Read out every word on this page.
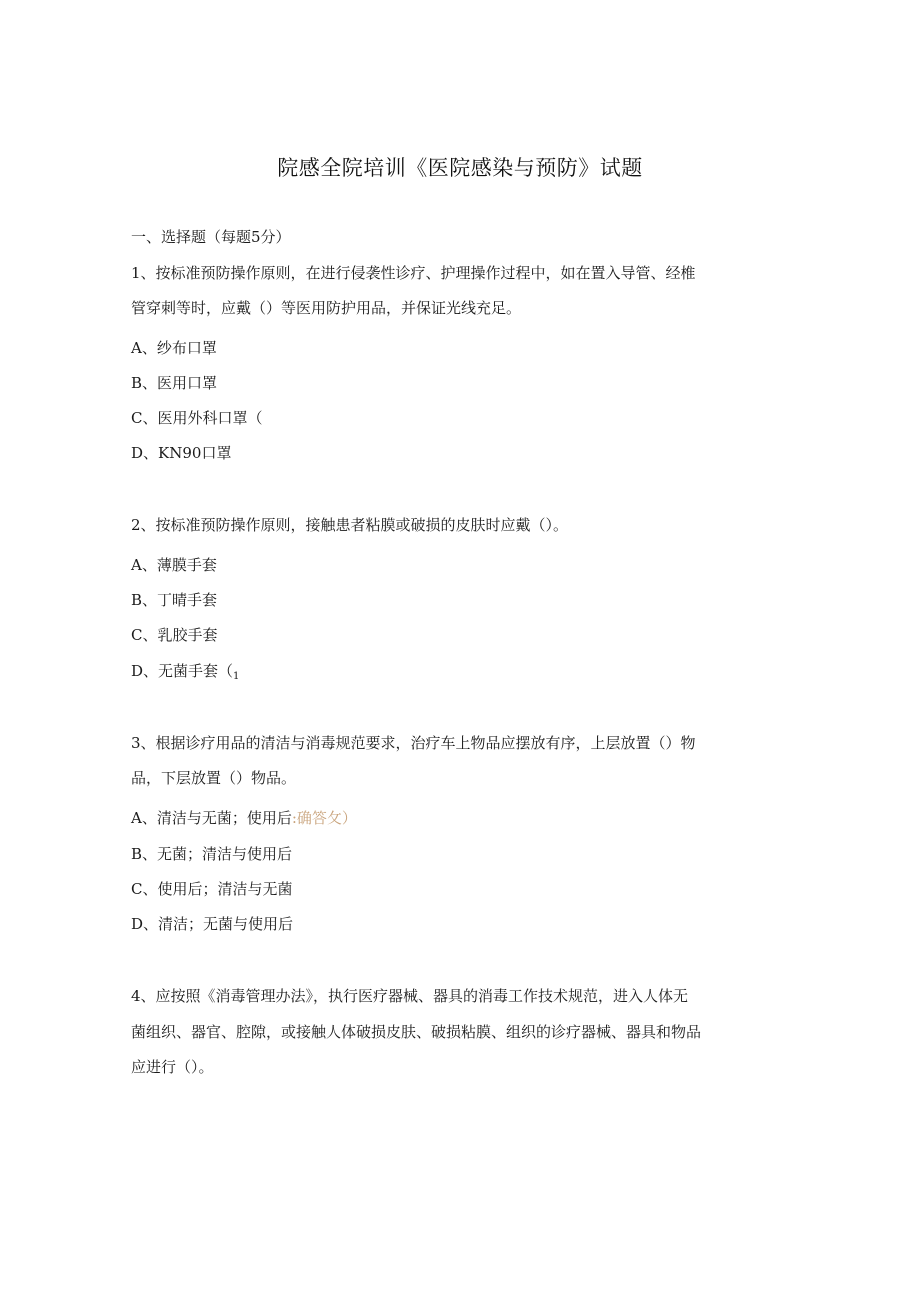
院感全院培训《医院感染与预防》试题
一、选择题（每题5分）
1、按标准预防操作原则，在进行侵袭性诊疗、护理操作过程中，如在置入导管、经椎
管穿刺等时，应戴（）等医用防护用品，并保证光线充足。
A、纱布口罩
B、医用口罩
C、医用外科口罩（
D、KN90口罩
2、按标准预防操作原则，接触患者粘膜或破损的皮肤时应戴（）。
A、薄膜手套
B、丁晴手套
C、乳胶手套
D、无菌手套（$_1$
3、根据诊疗用品的清洁与消毒规范要求，治疗车上物品应摆放有序，上层放置（）物
品，下层放置（）物品。
A、清洁与无菌；使用后:确答攵）
B、无菌；清洁与使用后
C、使用后；清洁与无菌
D、清洁；无菌与使用后
4、应按照《消毒管理办法》，执行医疗器械、器具的消毒工作技术规范，进入人体无
菌组织、器官、腔隙，或接触人体破损皮肤、破损粘膜、组织的诊疗器械、器具和物品
应进行（）。
